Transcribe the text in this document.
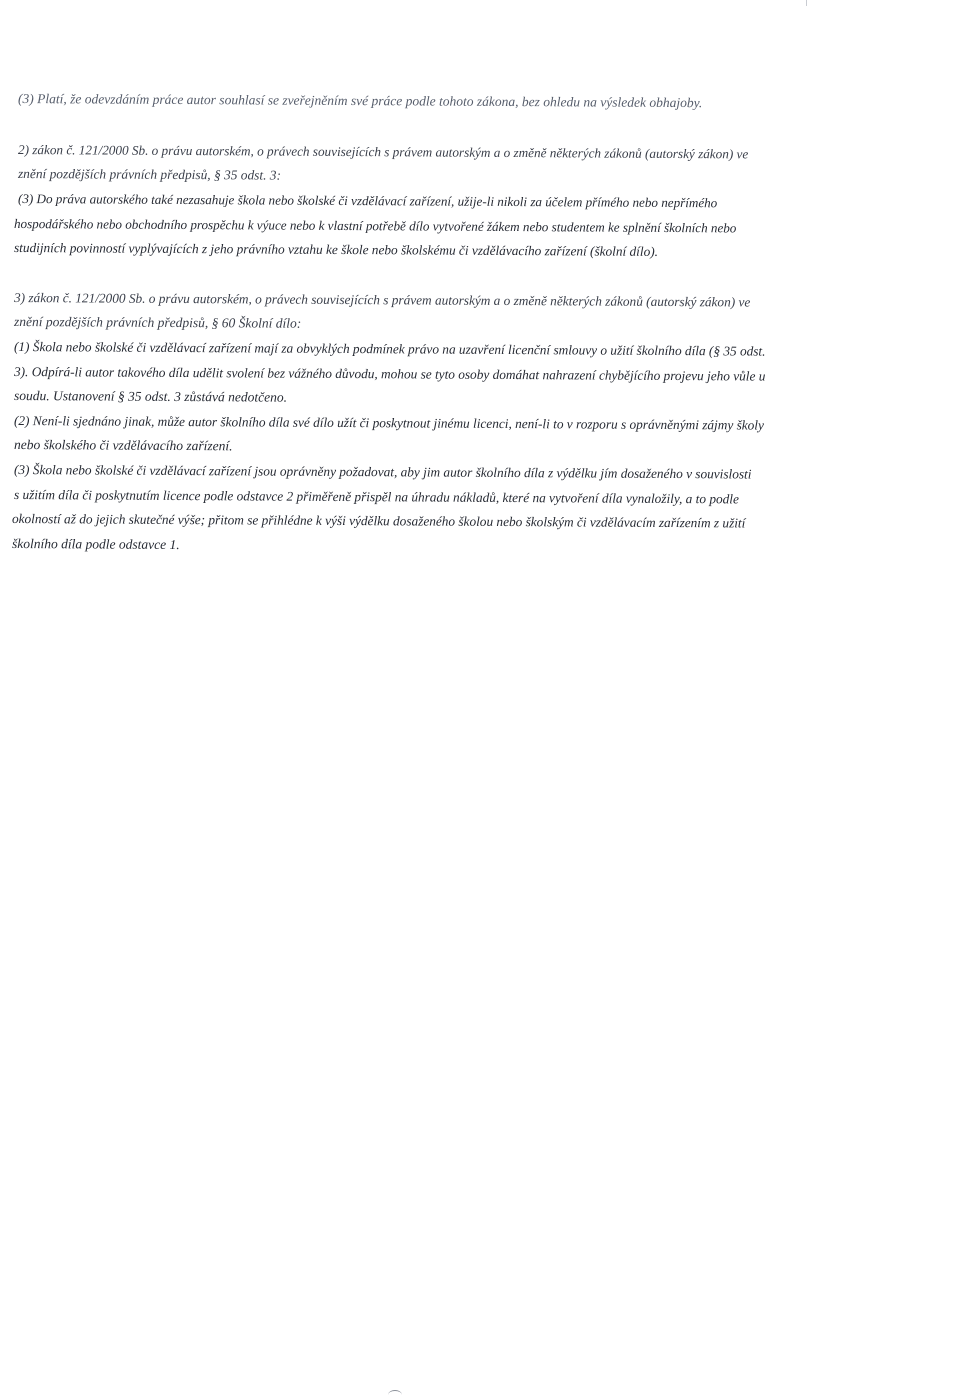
(3) Platí, že odevzdáním práce autor souhlasí se zveřejněním své práce podle tohoto zákona, bez ohledu na výsledek obhajoby.
2) zákon č. 121/2000 Sb. o právu autorském, o právech souvisejících s právem autorským a o změně některých zákonů (autorský zákon) ve
znění pozdějších právních předpisů, § 35 odst. 3:
(3) Do práva autorského také nezasahuje škola nebo školské či vzdělávací zařízení, užije-li nikoli za účelem přímého nebo nepřímého
hospodářského nebo obchodního prospěchu k výuce nebo k vlastní potřebě dílo vytvořené žákem nebo studentem ke splnění školních nebo
studijních povinností vyplývajících z jeho právního vztahu ke škole nebo školskému či vzdělávacího zařízení (školní dílo).
3) zákon č. 121/2000 Sb. o právu autorském, o právech souvisejících s právem autorským a o změně některých zákonů (autorský zákon) ve
znění pozdějších právních předpisů, § 60 Školní dílo:
(1) Škola nebo školské či vzdělávací zařízení mají za obvyklých podmínek právo na uzavření licenční smlouvy o užití školního díla (§ 35 odst.
3). Odpírá-li autor takového díla udělit svolení bez vážného důvodu, mohou se tyto osoby domáhat nahrazení chybějícího projevu jeho vůle u
soudu. Ustanovení § 35 odst. 3 zůstává nedotčeno.
(2) Není-li sjednáno jinak, může autor školního díla své dílo užít či poskytnout jinému licenci, není-li to v rozporu s oprávněnými zájmy školy
nebo školského či vzdělávacího zařízení.
(3) Škola nebo školské či vzdělávací zařízení jsou oprávněny požadovat, aby jim autor školního díla z výdělku jím dosaženého v souvislosti
s užitím díla či poskytnutím licence podle odstavce 2 přiměřeně přispěl na úhradu nákladů, které na vytvoření díla vynaložily, a to podle
okolností až do jejich skutečné výše; přitom se přihlédne k výši výdělku dosaženého školou nebo školským či vzdělávacím zařízením z užití
školního díla podle odstavce 1.
